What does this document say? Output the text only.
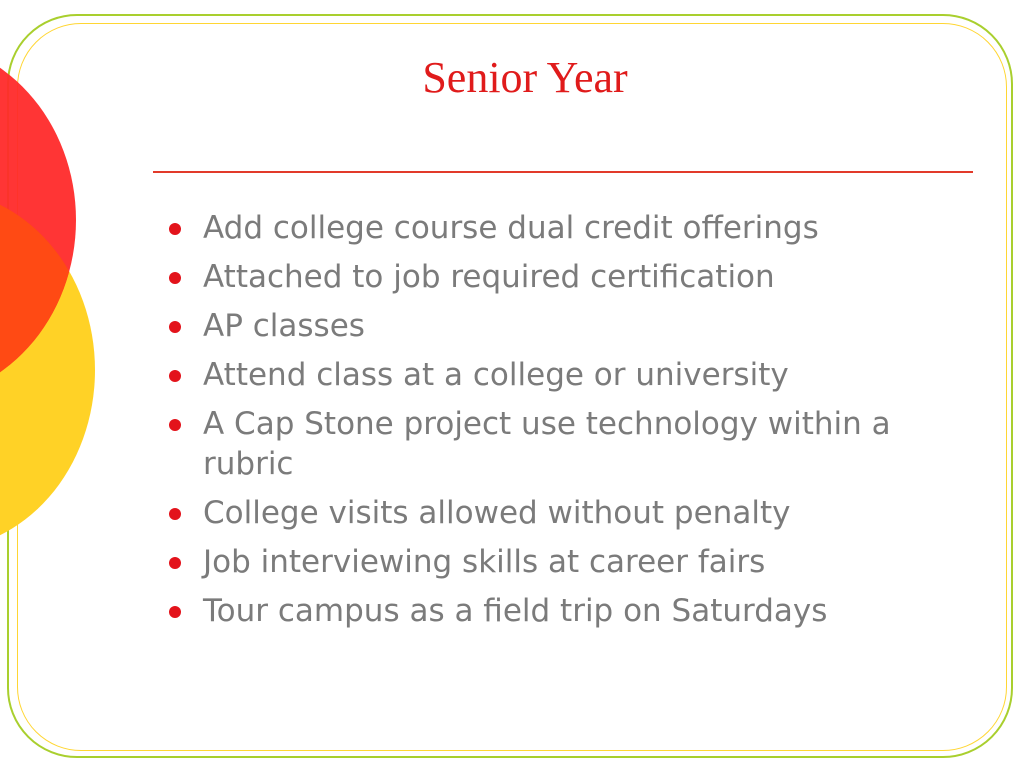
Senior Year
Add college course dual credit offerings
Attached to job required certification
AP classes
Attend class at a college or university
A Cap Stone project use technology within a rubric
College visits allowed without penalty
Job interviewing skills at career fairs
Tour campus as a field trip on Saturdays
